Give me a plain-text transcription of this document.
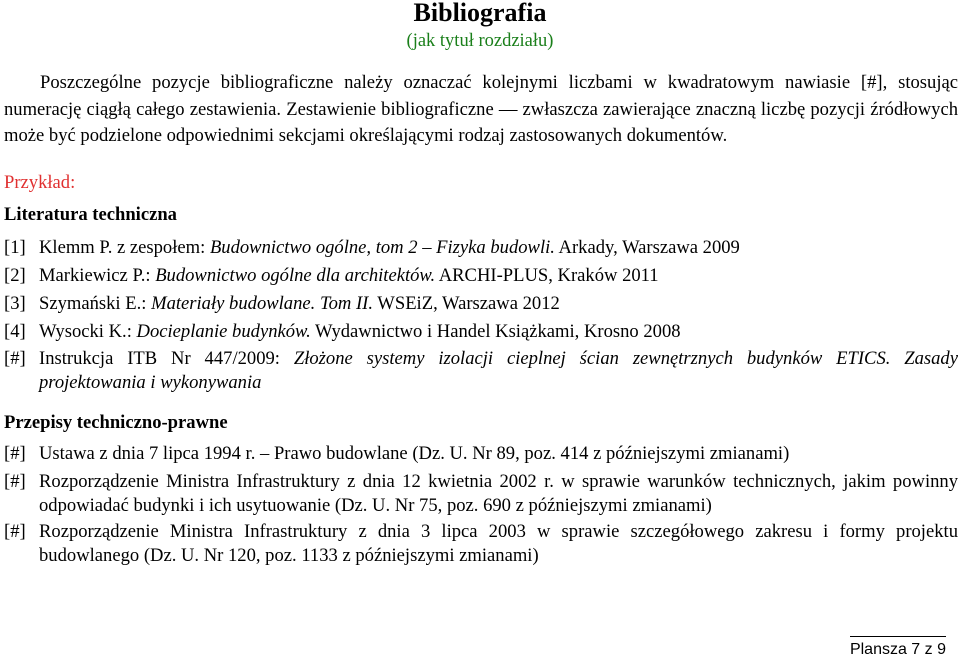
Bibliografia
(jak tytuł rozdziału)
Poszczególne pozycje bibliograficzne należy oznaczać kolejnymi liczbami w kwadratowym nawiasie [#], stosując numerację ciągłą całego zestawienia. Zestawienie bibliograficzne — zwłaszcza zawierające znaczną liczbę pozycji źródłowych może być podzielone odpowiednimi sekcjami określającymi rodzaj zastosowanych dokumentów.
Przykład:
Literatura techniczna
[1] Klemm P. z zespołem: Budownictwo ogólne, tom 2 – Fizyka budowli. Arkady, Warszawa 2009
[2] Markiewicz P.: Budownictwo ogólne dla architektów. ARCHI-PLUS, Kraków 2011
[3] Szymański E.: Materiały budowlane. Tom II. WSEiZ, Warszawa 2012
[4] Wysocki K.: Docieplanie budynków. Wydawnictwo i Handel Książkami, Krosno 2008
[#] Instrukcja ITB Nr 447/2009: Złożone systemy izolacji cieplnej ścian zewnętrznych budynków ETICS. Zasady projektowania i wykonywania
Przepisy techniczno-prawne
[#] Ustawa z dnia 7 lipca 1994 r. – Prawo budowlane (Dz. U. Nr 89, poz. 414 z późniejszymi zmianami)
[#] Rozporządzenie Ministra Infrastruktury z dnia 12 kwietnia 2002 r. w sprawie warunków technicznych, jakim powinny odpowiadać budynki i ich usytuowanie (Dz. U. Nr 75, poz. 690 z późniejszymi zmianami)
[#] Rozporządzenie Ministra Infrastruktury z dnia 3 lipca 2003 w sprawie szczegółowego zakresu i formy projektu budowlanego (Dz. U. Nr 120, poz. 1133 z późniejszymi zmianami)
Plansza 7 z 9
